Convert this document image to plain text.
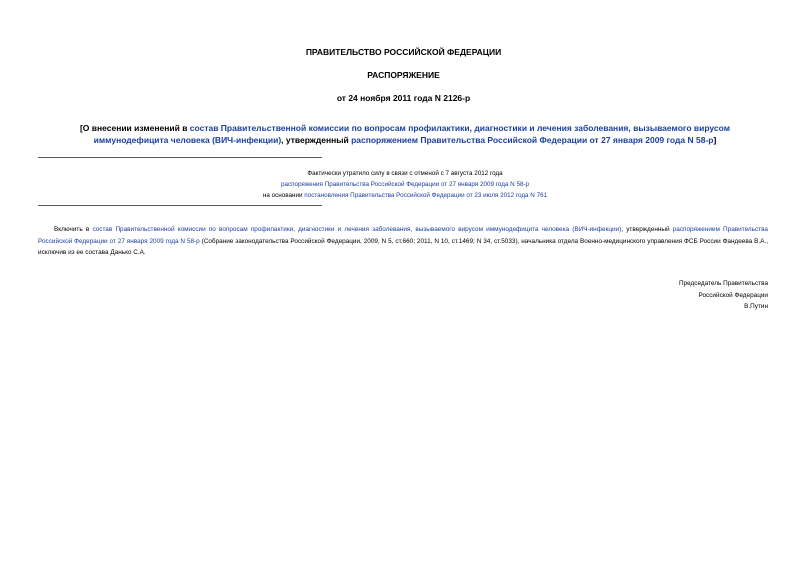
ПРАВИТЕЛЬСТВО РОССИЙСКОЙ ФЕДЕРАЦИИ
РАСПОРЯЖЕНИЕ
от 24 ноября 2011 года N 2126-р
[О внесении изменений в состав Правительственной комиссии по вопросам профилактики, диагностики и лечения заболевания, вызываемого вирусом иммунодефицита человека (ВИЧ-инфекции), утвержденный распоряжением Правительства Российской Федерации от 27 января 2009 года N 58-р]
Фактически утратило силу в связи с отменой с 7 августа 2012 года
распоряжения Правительства Российской Федерации от 27 января 2009 года N 58-р
на основании постановления Правительства Российской Федерации от 23 июля 2012 года N 761
Включить в состав Правительственной комиссии по вопросам профилактики, диагностики и лечения заболевания, вызываемого вирусом иммунодефицита человека (ВИЧ-инфекции), утвержденный распоряжением Правительства Российской Федерации от 27 января 2009 года N 58-р (Собрание законодательства Российской Федерации, 2009, N 5, ст.660; 2011, N 10, ст.1469; N 34, ст.5033), начальника отдела Военно-медицинского управления ФСБ России Фандеева В.А., исключив из ее состава Данько С.А.
Председатель Правительства
Российской Федерации
В.Путин
